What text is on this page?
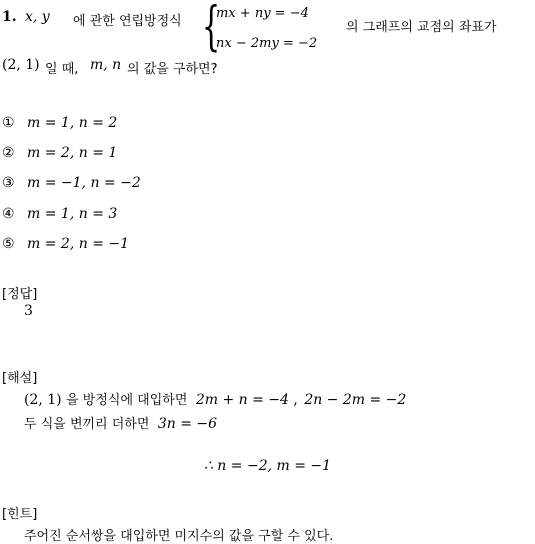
1. x, y 에 관한 연립방정식 {
mx + ny = −4
nx − 2my = −2
의 그래프의 교점의 좌표가
(2, 1) 일 때, m, n 의 값을 구하면?
① m = 1, n = 2
② m = 2, n = 1
③ m = −1, n = −2
④ m = 1, n = 3
⑤ m = 2, n = −1
[정답]
3
[해설]
(2, 1) 을 방정식에 대입하면 2m + n = −4 , 2n − 2m = −2
두 식을 변끼리 더하면 3n = −6
∴ n = −2, m = −1
[힌트]
주어진 순서쌍을 대입하면 미지수의 값을 구할 수 있다.
